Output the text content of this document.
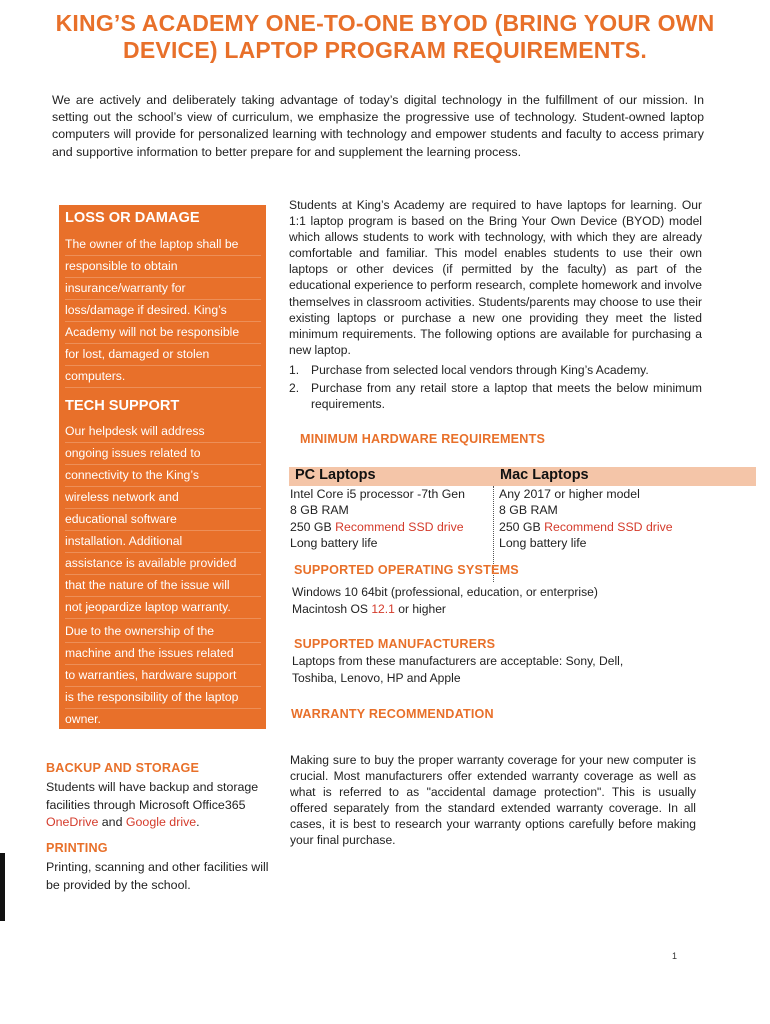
KING’S ACADEMY ONE-TO-ONE BYOD (BRING YOUR OWN DEVICE) LAPTOP PROGRAM REQUIREMENTS.
We are actively and deliberately taking advantage of today’s digital technology in the fulfillment of our mission. In setting out the school’s view of curriculum, we emphasize the progressive use of technology. Student-owned laptop computers will provide for personalized learning with technology and empower students and faculty to access primary and supportive information to better prepare for and supplement the learning process.
LOSS OR DAMAGE
The owner of the laptop shall be
responsible to obtain
insurance/warranty for
loss/damage if desired. King’s
Academy will not be responsible
for lost, damaged or stolen
computers.
TECH SUPPORT
Our helpdesk will address
ongoing issues related to
connectivity to the King’s
wireless network and
educational software
installation. Additional
assistance is available provided
that the nature of the issue will
not jeopardize laptop warranty.
Due to the ownership of the
machine and the issues related
to warranties, hardware support
is the responsibility of the laptop
owner.
BACKUP AND STORAGE
Students will have backup and storage facilities through Microsoft Office365 OneDrive and Google drive.
PRINTING
Printing, scanning and other facilities will be provided by the school.
Students at King’s Academy are required to have laptops for learning. Our 1:1 laptop program is based on the Bring Your Own Device (BYOD) model which allows students to work with technology, with which they are already comfortable and familiar. This model enables students to use their own laptops or other devices (if permitted by the faculty) as part of the educational experience to perform research, complete homework and involve themselves in classroom activities. Students/parents may choose to use their existing laptops or purchase a new one providing they meet the listed minimum requirements. The following options are available for purchasing a new laptop.
1. Purchase from selected local vendors through King’s Academy.
2. Purchase from any retail store a laptop that meets the below minimum requirements.
MINIMUM HARDWARE REQUIREMENTS
PC Laptops	Mac Laptops
Intel Core i5 processor -7th Gen
8 GB RAM
250 GB Recommend SSD drive
Long battery life
Any 2017 or higher model
8 GB RAM
250 GB Recommend SSD drive
Long battery life
SUPPORTED OPERATING SYSTEMS
Windows 10 64bit (professional, education, or enterprise)
Macintosh OS 12.1 or higher
SUPPORTED MANUFACTURERS
Laptops from these manufacturers are acceptable: Sony, Dell, Toshiba, Lenovo, HP and Apple
WARRANTY RECOMMENDATION
Making sure to buy the proper warranty coverage for your new computer is crucial. Most manufacturers offer extended warranty coverage as well as what is referred to as "accidental damage protection". This is usually offered separately from the standard extended warranty coverage. In all cases, it is best to research your warranty options carefully before making your final purchase.
1
